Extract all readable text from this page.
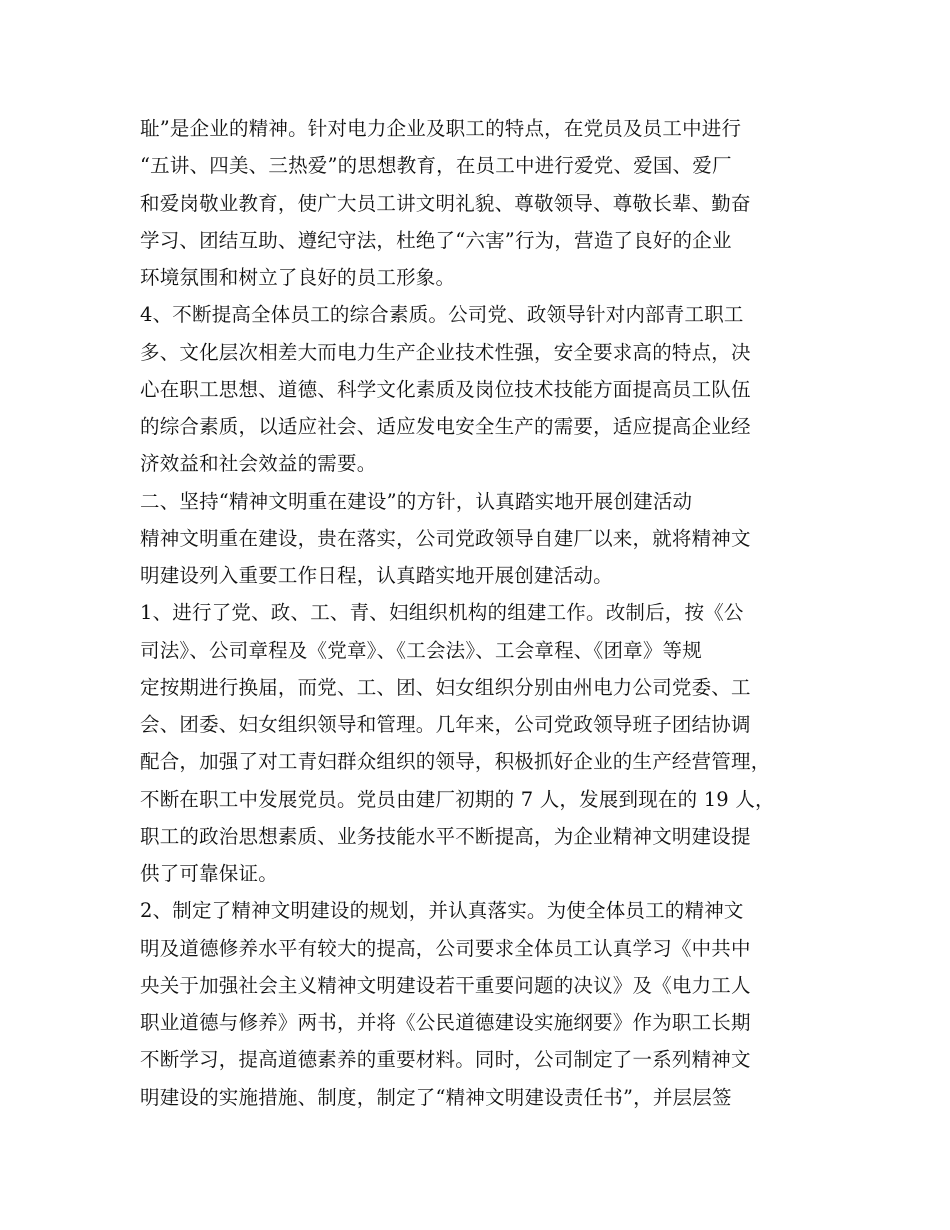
耻”是企业的精神。针对电力企业及职工的特点，在党员及员工中进行
“五讲、四美、三热爱”的思想教育，在员工中进行爱党、爱国、爱厂
和爱岗敬业教育，使广大员工讲文明礼貌、尊敬领导、尊敬长辈、勤奋
学习、团结互助、遵纪守法，杜绝了“六害”行为，营造了良好的企业
环境氛围和树立了良好的员工形象。
4、不断提高全体员工的综合素质。公司党、政领导针对内部青工职工
多、文化层次相差大而电力生产企业技术性强，安全要求高的特点，决
心在职工思想、道德、科学文化素质及岗位技术技能方面提高员工队伍
的综合素质，以适应社会、适应发电安全生产的需要，适应提高企业经
济效益和社会效益的需要。
二、坚持“精神文明重在建设”的方针，认真踏实地开展创建活动
精神文明重在建设，贵在落实，公司党政领导自建厂以来，就将精神文
明建设列入重要工作日程，认真踏实地开展创建活动。
1、进行了党、政、工、青、妇组织机构的组建工作。改制后，按《公
司法》、公司章程及《党章》、《工会法》、工会章程、《团章》等规
定按期进行换届，而党、工、团、妇女组织分别由州电力公司党委、工
会、团委、妇女组织领导和管理。几年来，公司党政领导班子团结协调
配合，加强了对工青妇群众组织的领导，积极抓好企业的生产经营管理，
不断在职工中发展党员。党员由建厂初期的 7 人，发展到现在的 19 人，
职工的政治思想素质、业务技能水平不断提高，为企业精神文明建设提
供了可靠保证。
2、制定了精神文明建设的规划，并认真落实。为使全体员工的精神文
明及道德修养水平有较大的提高，公司要求全体员工认真学习《中共中
央关于加强社会主义精神文明建设若干重要问题的决议》及《电力工人
职业道德与修养》两书，并将《公民道德建设实施纲要》作为职工长期
不断学习，提高道德素养的重要材料。同时，公司制定了一系列精神文
明建设的实施措施、制度，制定了“精神文明建设责任书”，并层层签
